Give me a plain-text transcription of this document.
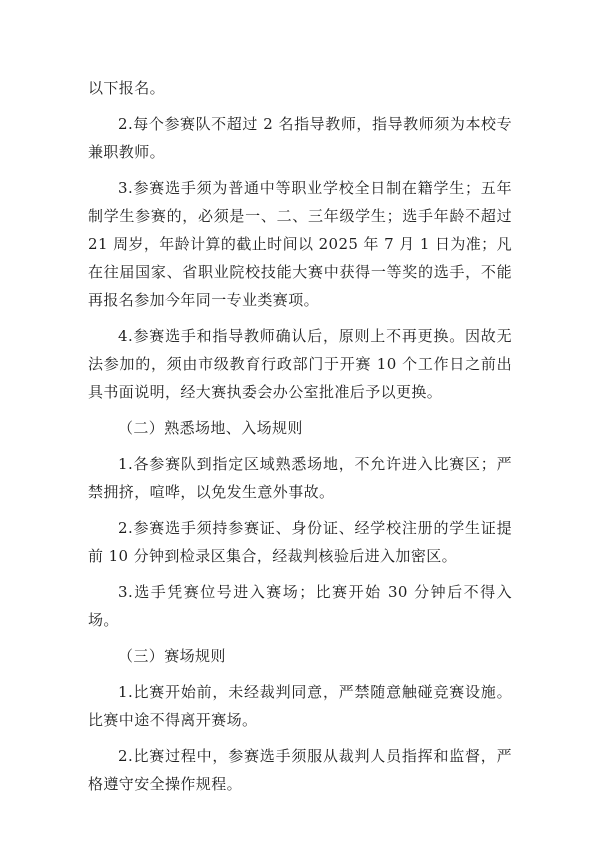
以下报名。

2.每个参赛队不超过 2 名指导教师，指导教师须为本校专兼职教师。

3.参赛选手须为普通中等职业学校全日制在籍学生；五年制学生参赛的，必须是一、二、三年级学生；选手年龄不超过21 周岁，年龄计算的截止时间以 2025 年 7 月 1 日为准；凡在往届国家、省职业院校技能大赛中获得一等奖的选手，不能再报名参加今年同一专业类赛项。

4.参赛选手和指导教师确认后，原则上不再更换。因故无法参加的，须由市级教育行政部门于开赛 10 个工作日之前出具书面说明，经大赛执委会办公室批准后予以更换。

（二）熟悉场地、入场规则

1.各参赛队到指定区域熟悉场地，不允许进入比赛区；严禁拥挤，喧哗，以免发生意外事故。

2.参赛选手须持参赛证、身份证、经学校注册的学生证提前 10 分钟到检录区集合，经裁判核验后进入加密区。

3.选手凭赛位号进入赛场；比赛开始 30 分钟后不得入场。

（三）赛场规则

1.比赛开始前，未经裁判同意，严禁随意触碰竞赛设施。比赛中途不得离开赛场。

2.比赛过程中，参赛选手须服从裁判人员指挥和监督，严格遵守安全操作规程。
